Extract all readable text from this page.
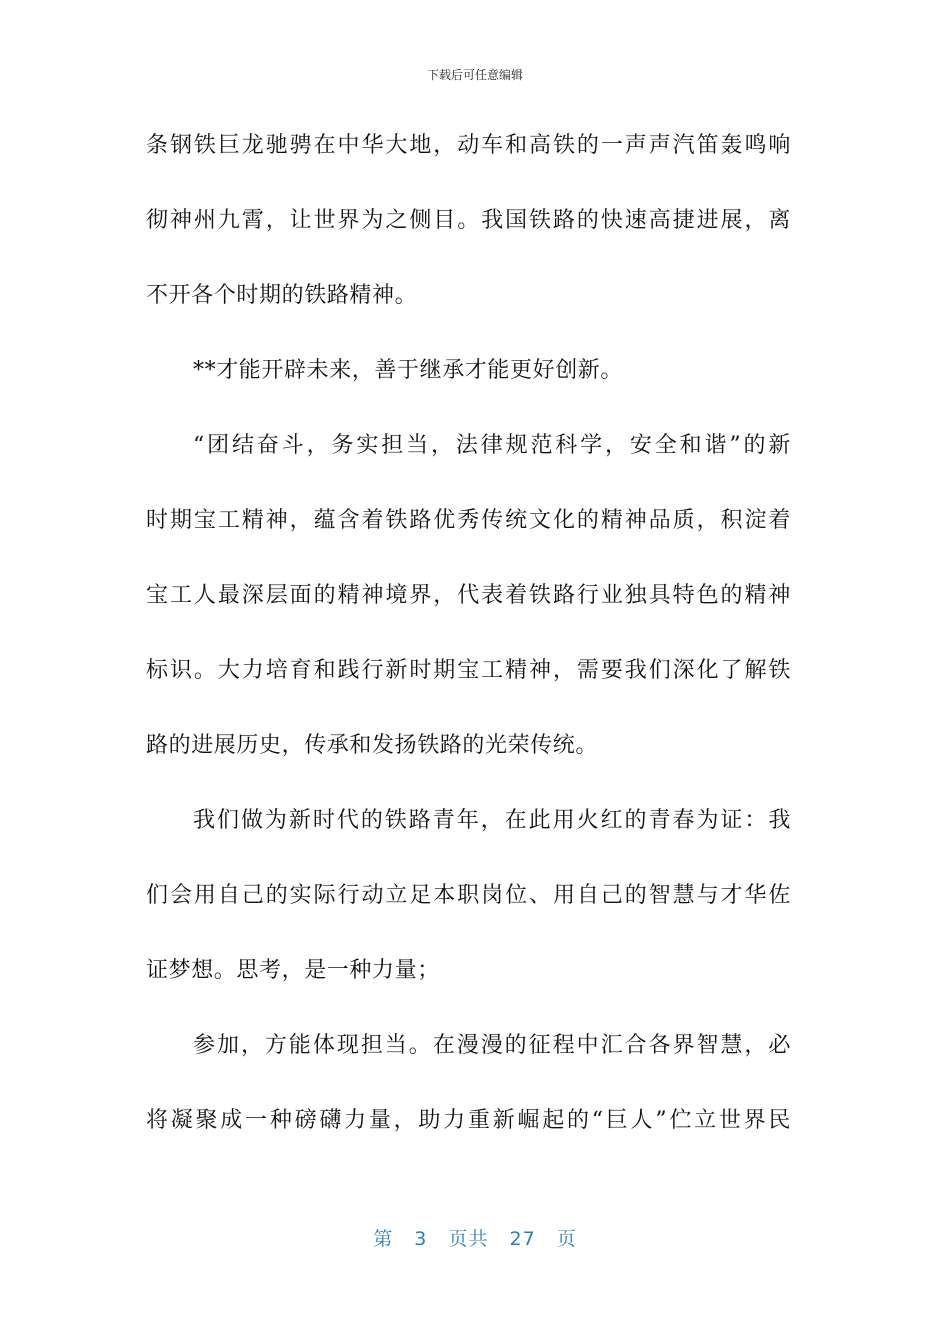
下载后可任意编辑
条钢铁巨龙驰骋在中华大地，动车和高铁的一声声汽笛轰鸣响
彻神州九霄，让世界为之侧目。我国铁路的快速高捷进展，离
不开各个时期的铁路精神。
**才能开辟未来，善于继承才能更好创新。
“团结奋斗，务实担当，法律规范科学，安全和谐”的新
时期宝工精神，蕴含着铁路优秀传统文化的精神品质，积淀着
宝工人最深层面的精神境界，代表着铁路行业独具特色的精神
标识。大力培育和践行新时期宝工精神，需要我们深化了解铁
路的进展历史，传承和发扬铁路的光荣传统。
我们做为新时代的铁路青年，在此用火红的青春为证：我
们会用自己的实际行动立足本职岗位、用自己的智慧与才华佐
证梦想。思考，是一种力量；
参加，方能体现担当。在漫漫的征程中汇合各界智慧，必
将凝聚成一种磅礴力量，助力重新崛起的“巨人”伫立世界民
第 3 页共 27 页
